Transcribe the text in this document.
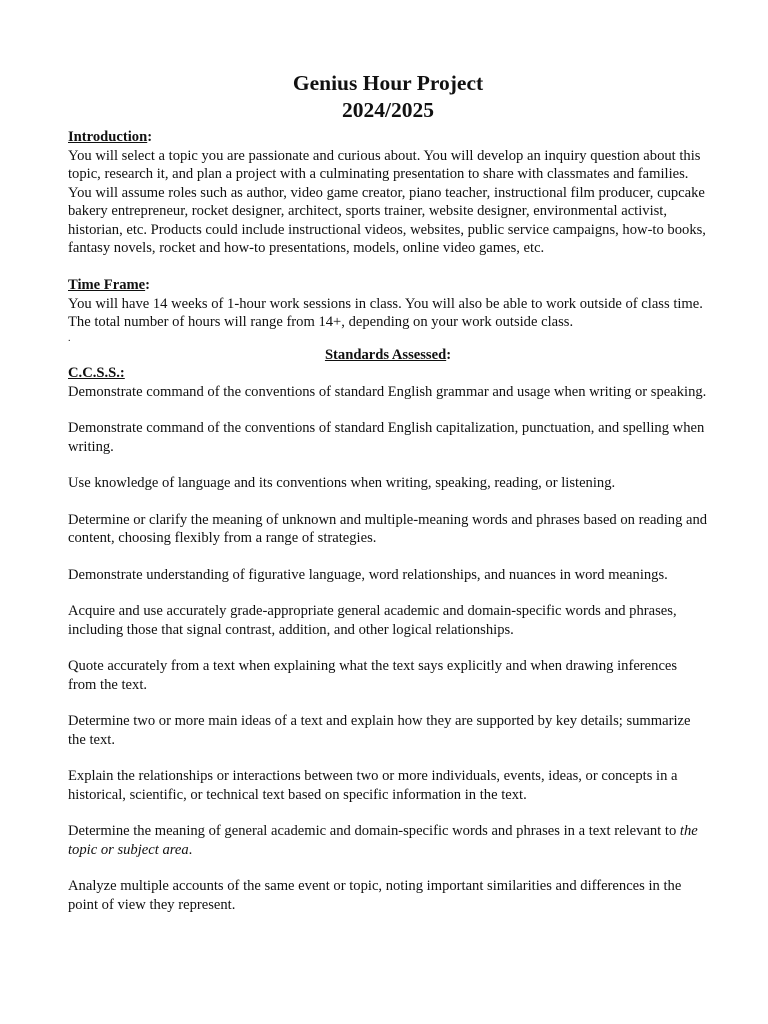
Genius Hour Project

2024/2025

Introduction:

You will select a topic you are passionate and curious about. You will develop an inquiry question about this topic, research it, and plan a project with a culminating presentation to share with classmates and families. You will assume roles such as author, video game creator, piano teacher, instructional film producer, cupcake bakery entrepreneur, rocket designer, architect, sports trainer, website designer, environmental activist, historian, etc. Products could include instructional videos, websites, public service campaigns, how-to books, fantasy novels, rocket and how-to presentations, models, online video games, etc.

Time Frame:

You will have 14 weeks of 1-hour work sessions in class. You will also be able to work outside of class time. The total number of hours will range from 14+, depending on your work outside class.

.

Standards Assessed:

C.C.S.S.:

Demonstrate command of the conventions of standard English grammar and usage when writing or speaking.

Demonstrate command of the conventions of standard English capitalization, punctuation, and spelling when writing.

Use knowledge of language and its conventions when writing, speaking, reading, or listening.

Determine or clarify the meaning of unknown and multiple-meaning words and phrases based on reading and content, choosing flexibly from a range of strategies.

Demonstrate understanding of figurative language, word relationships, and nuances in word meanings.

Acquire and use accurately grade-appropriate general academic and domain-specific words and phrases, including those that signal contrast, addition, and other logical relationships.

Quote accurately from a text when explaining what the text says explicitly and when drawing inferences from the text.

Determine two or more main ideas of a text and explain how they are supported by key details; summarize the text.

Explain the relationships or interactions between two or more individuals, events, ideas, or concepts in a historical, scientific, or technical text based on specific information in the text.

Determine the meaning of general academic and domain-specific words and phrases in a text relevant to the topic or subject area.

Analyze multiple accounts of the same event or topic, noting important similarities and differences in the point of view they represent.
